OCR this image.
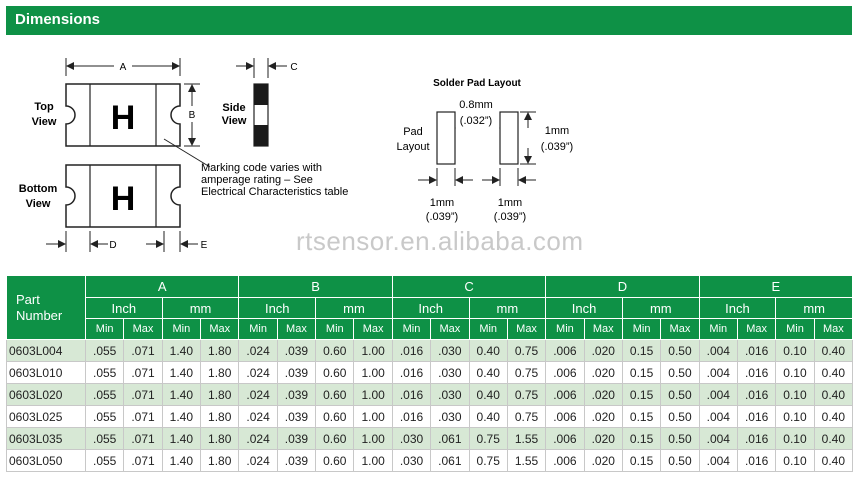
Dimensions
A
H
Top
View
B
Side
View
C
Marking code varies with
amperage rating – See
Electrical Characteristics table
H
Bottom
View
D	E
Solder Pad Layout
0.8mm
(.032”)
Pad
Layout
1mm
(.039”)
1mm
(.039”)
1mm
(.039”)
rtsensor.en.alibaba.com
Part
Number	A				B				C				D				E			
	Inch		mm		Inch		mm		Inch		mm		Inch		mm		Inch		mm	
	Min	Max	Min	Max	Min	Max	Min	Max	Min	Max	Min	Max	Min	Max	Min	Max	Min	Max	Min	Max
0603L004	.055	.071	1.40	1.80	.024	.039	0.60	1.00	.016	.030	0.40	0.75	.006	.020	0.15	0.50	.004	.016	0.10	0.40
0603L010	.055	.071	1.40	1.80	.024	.039	0.60	1.00	.016	.030	0.40	0.75	.006	.020	0.15	0.50	.004	.016	0.10	0.40
0603L020	.055	.071	1.40	1.80	.024	.039	0.60	1.00	.016	.030	0.40	0.75	.006	.020	0.15	0.50	.004	.016	0.10	0.40
0603L025	.055	.071	1.40	1.80	.024	.039	0.60	1.00	.016	.030	0.40	0.75	.006	.020	0.15	0.50	.004	.016	0.10	0.40
0603L035	.055	.071	1.40	1.80	.024	.039	0.60	1.00	.030	.061	0.75	1.55	.006	.020	0.15	0.50	.004	.016	0.10	0.40
0603L050	.055	.071	1.40	1.80	.024	.039	0.60	1.00	.030	.061	0.75	1.55	.006	.020	0.15	0.50	.004	.016	0.10	0.40
